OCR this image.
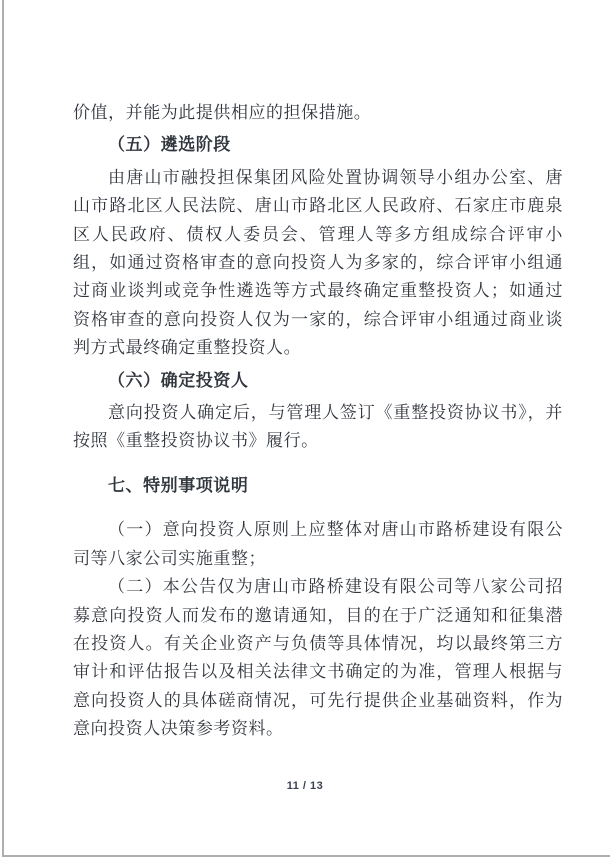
价值，并能为此提供相应的担保措施。

（五）遴选阶段

由唐山市融投担保集团风险处置协调领导小组办公室、唐山市路北区人民法院、唐山市路北区人民政府、石家庄市鹿泉区人民政府、债权人委员会、管理人等多方组成综合评审小组，如通过资格审查的意向投资人为多家的，综合评审小组通过商业谈判或竞争性遴选等方式最终确定重整投资人；如通过资格审查的意向投资人仅为一家的，综合评审小组通过商业谈判方式最终确定重整投资人。

（六）确定投资人

意向投资人确定后，与管理人签订《重整投资协议书》，并按照《重整投资协议书》履行。

七、特别事项说明

（一）意向投资人原则上应整体对唐山市路桥建设有限公司等八家公司实施重整；

（二）本公告仅为唐山市路桥建设有限公司等八家公司招募意向投资人而发布的邀请通知，目的在于广泛通知和征集潜在投资人。有关企业资产与负债等具体情况，均以最终第三方审计和评估报告以及相关法律文书确定的为准，管理人根据与意向投资人的具体磋商情况，可先行提供企业基础资料，作为意向投资人决策参考资料。

11 / 13
